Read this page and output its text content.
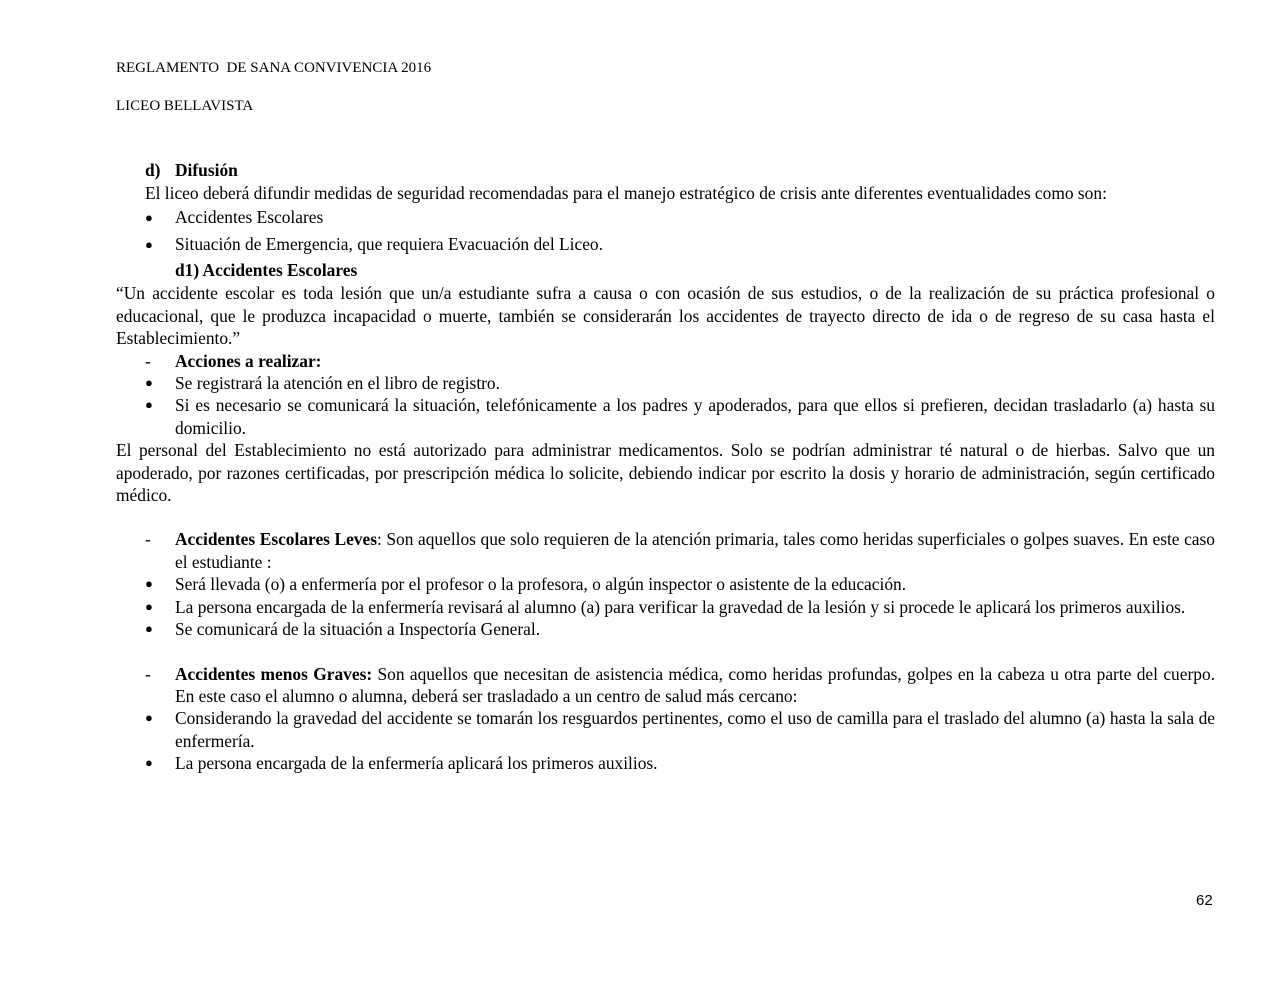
REGLAMENTO  DE SANA CONVIVENCIA 2016
LICEO BELLAVISTA

d) Difusión

El liceo deberá difundir medidas de seguridad recomendadas para el manejo estratégico de crisis ante diferentes eventualidades como son:

●	Accidentes Escolares
●	Situación de Emergencia, que requiera Evacuación del Liceo.

d1) Accidentes Escolares

“Un accidente escolar es toda lesión que un/a estudiante sufra a causa o con ocasión de sus estudios, o de la realización de su práctica profesional o educacional, que le produzca incapacidad o muerte, también se considerarán los accidentes de trayecto directo de ida o de regreso de su casa hasta el Establecimiento.”

-	Acciones a realizar:
●	Se registrará la atención en el libro de registro.
●	Si es necesario se comunicará la situación, telefónicamente a los padres y apoderados, para que ellos si prefieren, decidan trasladarlo (a) hasta su domicilio.

El personal del Establecimiento no está autorizado para administrar medicamentos. Solo se podrían administrar té natural o de hierbas. Salvo que un apoderado, por razones certificadas, por prescripción médica lo solicite, debiendo indicar por escrito la dosis y horario de administración, según certificado médico.

-	Accidentes Escolares Leves: Son aquellos que solo requieren de la atención primaria, tales como heridas superficiales o golpes suaves. En este caso el estudiante :
●	Será llevada (o) a enfermería por el profesor o la profesora, o algún inspector o asistente de la educación.
●	La persona encargada de la enfermería revisará al alumno (a) para verificar la gravedad de la lesión y si procede le aplicará los primeros auxilios.
●	Se comunicará de la situación a Inspectoría General.
-	Accidentes menos Graves: Son aquellos que necesitan de asistencia médica, como heridas profundas, golpes en la cabeza u otra parte del cuerpo. En este caso el alumno o alumna, deberá ser trasladado a un centro de salud más cercano:
●	Considerando la gravedad del accidente se tomarán los resguardos pertinentes, como el uso de camilla para el traslado del alumno (a) hasta la sala de enfermería.
●	La persona encargada de la enfermería aplicará los primeros auxilios.
62
